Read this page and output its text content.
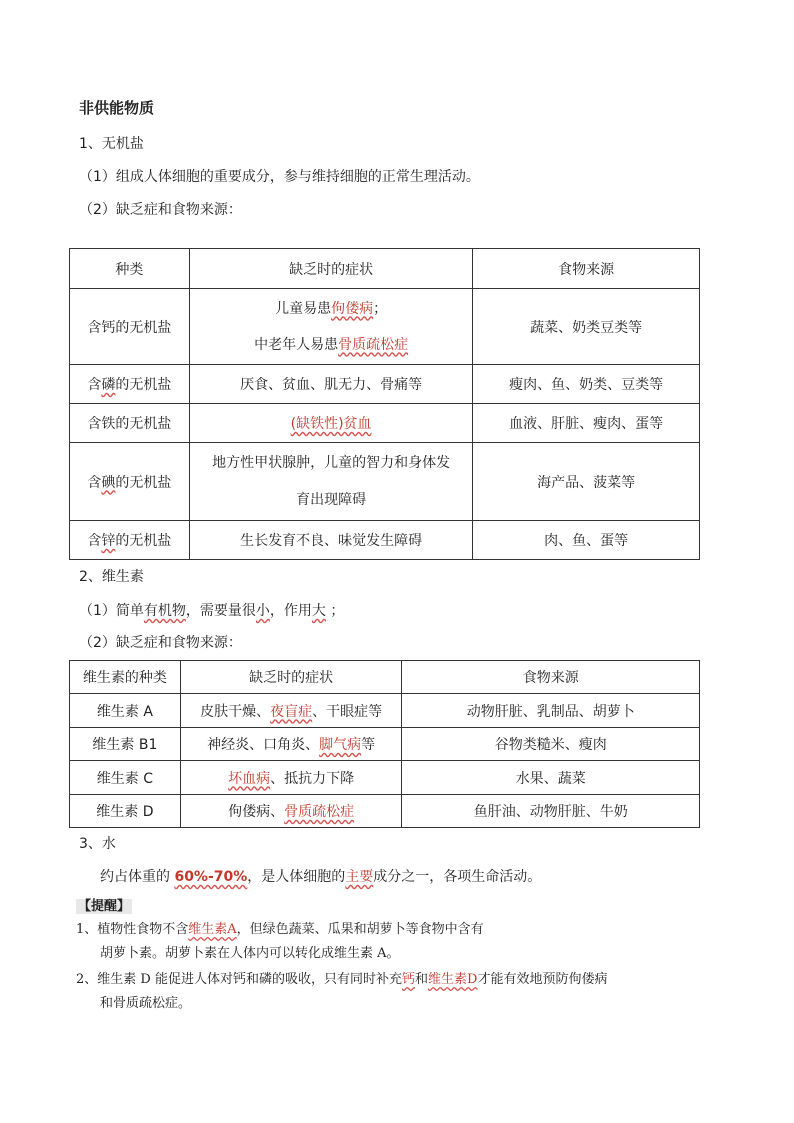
非供能物质
1、无机盐
（1）组成人体细胞的重要成分，参与维持细胞的正常生理活动。
（2）缺乏症和食物来源：
种类	缺乏时的症状	食物来源
含钙的无机盐	儿童易患佝偻病；
中老年人易患骨质疏松症	蔬菜、奶类豆类等
含磷的无机盐	厌食、贫血、肌无力、骨痛等	瘦肉、鱼、奶类、豆类等
含铁的无机盐	(缺铁性)贫血	血液、肝脏、瘦肉、蛋等
含碘的无机盐	地方性甲状腺肿，儿童的智力和身体发
育出现障碍	海产品、菠菜等
含锌的无机盐	生长发育不良、味觉发生障碍	肉、鱼、蛋等
2、维生素
（1）简单有机物，需要量很小，作用大 ；
（2）缺乏症和食物来源：
维生素的种类	缺乏时的症状	食物来源
维生素 A	皮肤干燥、夜盲症、干眼症等	动物肝脏、乳制品、胡萝卜
维生素 B1	神经炎、口角炎、脚气病等	谷物类糙米、瘦肉
维生素 C	坏血病、抵抗力下降	水果、蔬菜
维生素 D	佝偻病、骨质疏松症	鱼肝油、动物肝脏、牛奶
3、水
约占体重的 60%-70%，是人体细胞的主要成分之一，各项生命活动。
【提醒】
1、植物性食物不含维生素A，但绿色蔬菜、瓜果和胡萝卜等食物中含有
胡萝卜素。胡萝卜素在人体内可以转化成维生素 A。
2、维生素 D 能促进人体对钙和磷的吸收，只有同时补充钙和维生素D才能有效地预防佝偻病
和骨质疏松症。
